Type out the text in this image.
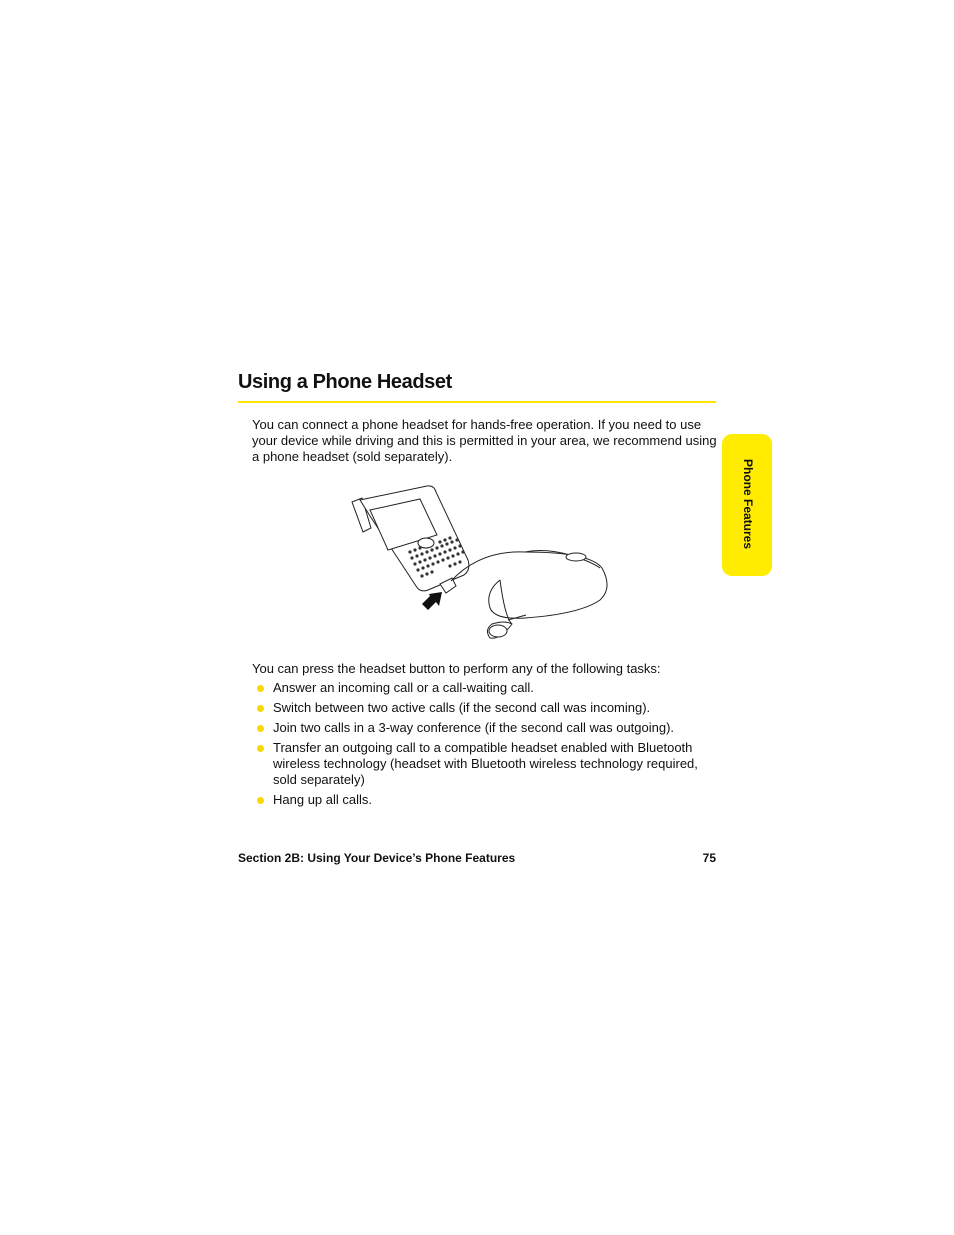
Using a Phone Headset
You can connect a phone headset for hands-free operation. If you need to use your device while driving and this is permitted in your area, we recommend using a phone headset (sold separately).
You can press the headset button to perform any of the following tasks:
Answer an incoming call or a call-waiting call.
Switch between two active calls (if the second call was incoming).
Join two calls in a 3-way conference (if the second call was outgoing).
Transfer an outgoing call to a compatible headset enabled with Bluetooth wireless technology (headset with Bluetooth wireless technology required, sold separately)
Hang up all calls.
Section 2B: Using Your Device’s Phone Features	75
Phone Features
